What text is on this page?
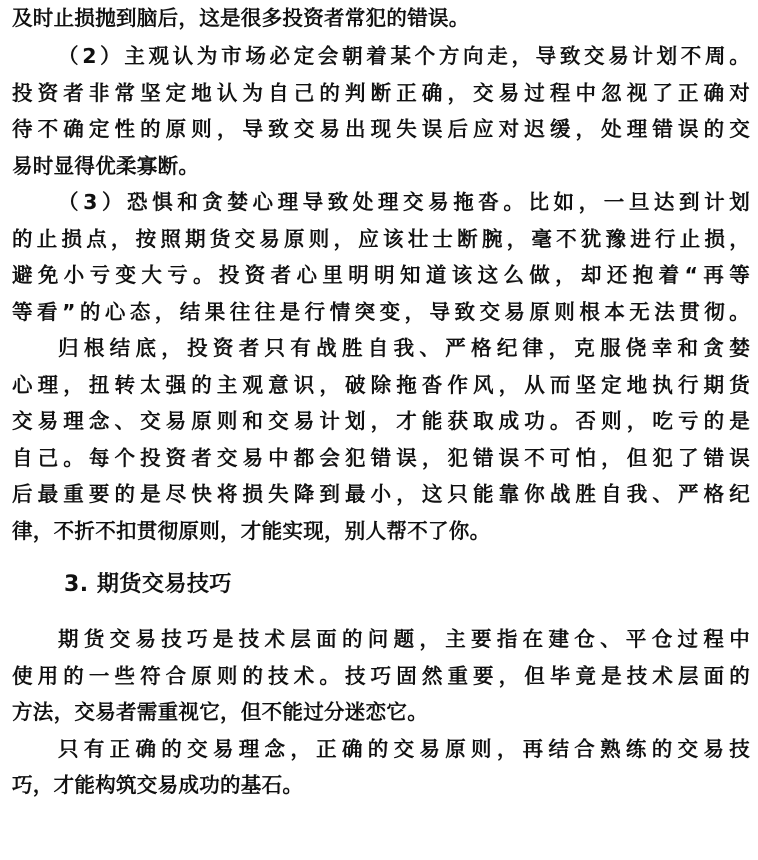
及时止损抛到脑后，这是很多投资者常犯的错误。
（2）主观认为市场必定会朝着某个方向走，导致交易计划不周。
投资者非常坚定地认为自己的判断正确，交易过程中忽视了正确对
待不确定性的原则，导致交易出现失误后应对迟缓，处理错误的交
易时显得优柔寡断。
（3）恐惧和贪婪心理导致处理交易拖沓。比如，一旦达到计划
的止损点，按照期货交易原则，应该壮士断腕，毫不犹豫进行止损，
避免小亏变大亏。投资者心里明明知道该这么做，却还抱着“再等
等看”的心态，结果往往是行情突变，导致交易原则根本无法贯彻。
归根结底，投资者只有战胜自我、严格纪律，克服侥幸和贪婪
心理，扭转太强的主观意识，破除拖沓作风，从而坚定地执行期货
交易理念、交易原则和交易计划，才能获取成功。否则，吃亏的是
自己。每个投资者交易中都会犯错误，犯错误不可怕，但犯了错误
后最重要的是尽快将损失降到最小，这只能靠你战胜自我、严格纪
律，不折不扣贯彻原则，才能实现，别人帮不了你。
3. 期货交易技巧
期货交易技巧是技术层面的问题，主要指在建仓、平仓过程中
使用的一些符合原则的技术。技巧固然重要，但毕竟是技术层面的
方法，交易者需重视它，但不能过分迷恋它。
只有正确的交易理念，正确的交易原则，再结合熟练的交易技
巧，才能构筑交易成功的基石。
